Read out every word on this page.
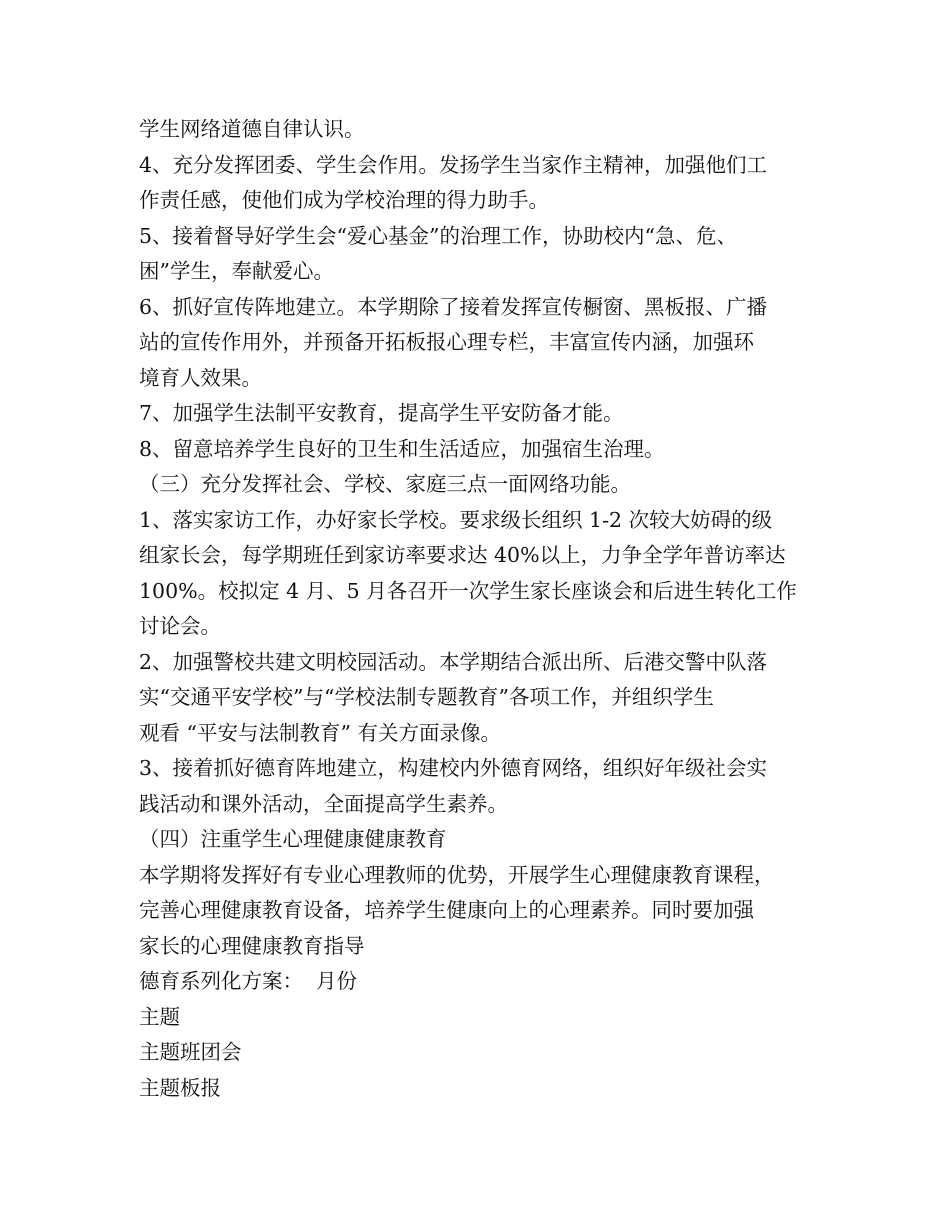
学生网络道德自律认识。
4、充分发挥团委、学生会作用。发扬学生当家作主精神，加强他们工
作责任感，使他们成为学校治理的得力助手。
5、接着督导好学生会“爱心基金”的治理工作，协助校内“急、危、
困”学生，奉献爱心。
6、抓好宣传阵地建立。本学期除了接着发挥宣传橱窗、黑板报、广播
站的宣传作用外，并预备开拓板报心理专栏，丰富宣传内涵，加强环
境育人效果。
7、加强学生法制平安教育，提高学生平安防备才能。
8、留意培养学生良好的卫生和生活适应，加强宿生治理。
（三）充分发挥社会、学校、家庭三点一面网络功能。
1、落实家访工作，办好家长学校。要求级长组织 1-2 次较大妨碍的级
组家长会，每学期班任到家访率要求达 40%以上，力争全学年普访率达
100%。校拟定 4 月、5 月各召开一次学生家长座谈会和后进生转化工作
讨论会。
2、加强警校共建文明校园活动。本学期结合派出所、后港交警中队落
实“交通平安学校”与“学校法制专题教育”各项工作，并组织学生
观看 “平安与法制教育” 有关方面录像。
3、接着抓好德育阵地建立，构建校内外德育网络，组织好年级社会实
践活动和课外活动，全面提高学生素养。
（四）注重学生心理健康健康教育
本学期将发挥好有专业心理教师的优势，开展学生心理健康教育课程，
完善心理健康教育设备，培养学生健康向上的心理素养。同时要加强
家长的心理健康教育指导
德育系列化方案：  月份
主题
主题班团会
主题板报
